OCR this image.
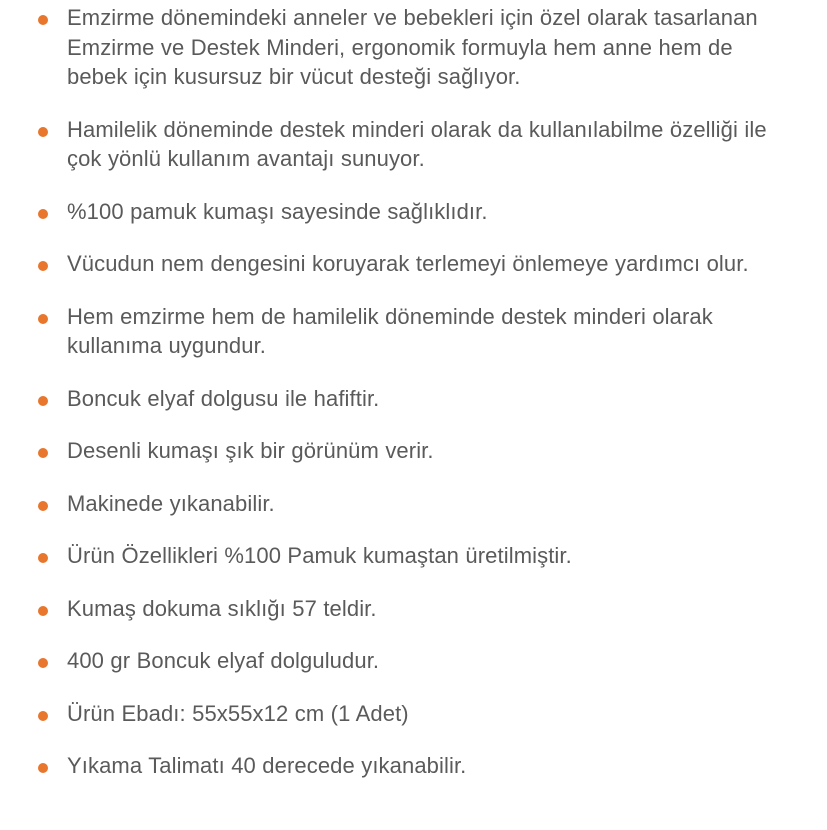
Emzirme dönemindeki anneler ve bebekleri için özel olarak tasarlanan Emzirme ve Destek Minderi, ergonomik formuyla hem anne hem de bebek için kusursuz bir vücut desteği sağlıyor.
Hamilelik döneminde destek minderi olarak da kullanılabilme özelliği ile çok yönlü kullanım avantajı sunuyor.
%100 pamuk kumaşı sayesinde sağlıklıdır.
Vücudun nem dengesini koruyarak terlemeyi önlemeye yardımcı olur.
Hem emzirme hem de hamilelik döneminde destek minderi olarak kullanıma uygundur.
Boncuk elyaf dolgusu ile hafiftir.
Desenli kumaşı şık bir görünüm verir.
Makinede yıkanabilir.
Ürün Özellikleri %100 Pamuk kumaştan üretilmiştir.
Kumaş dokuma sıklığı 57 teldir.
400 gr Boncuk elyaf dolguludur.
Ürün Ebadı: 55x55x12 cm (1 Adet)
Yıkama Talimatı 40 derecede yıkanabilir.
